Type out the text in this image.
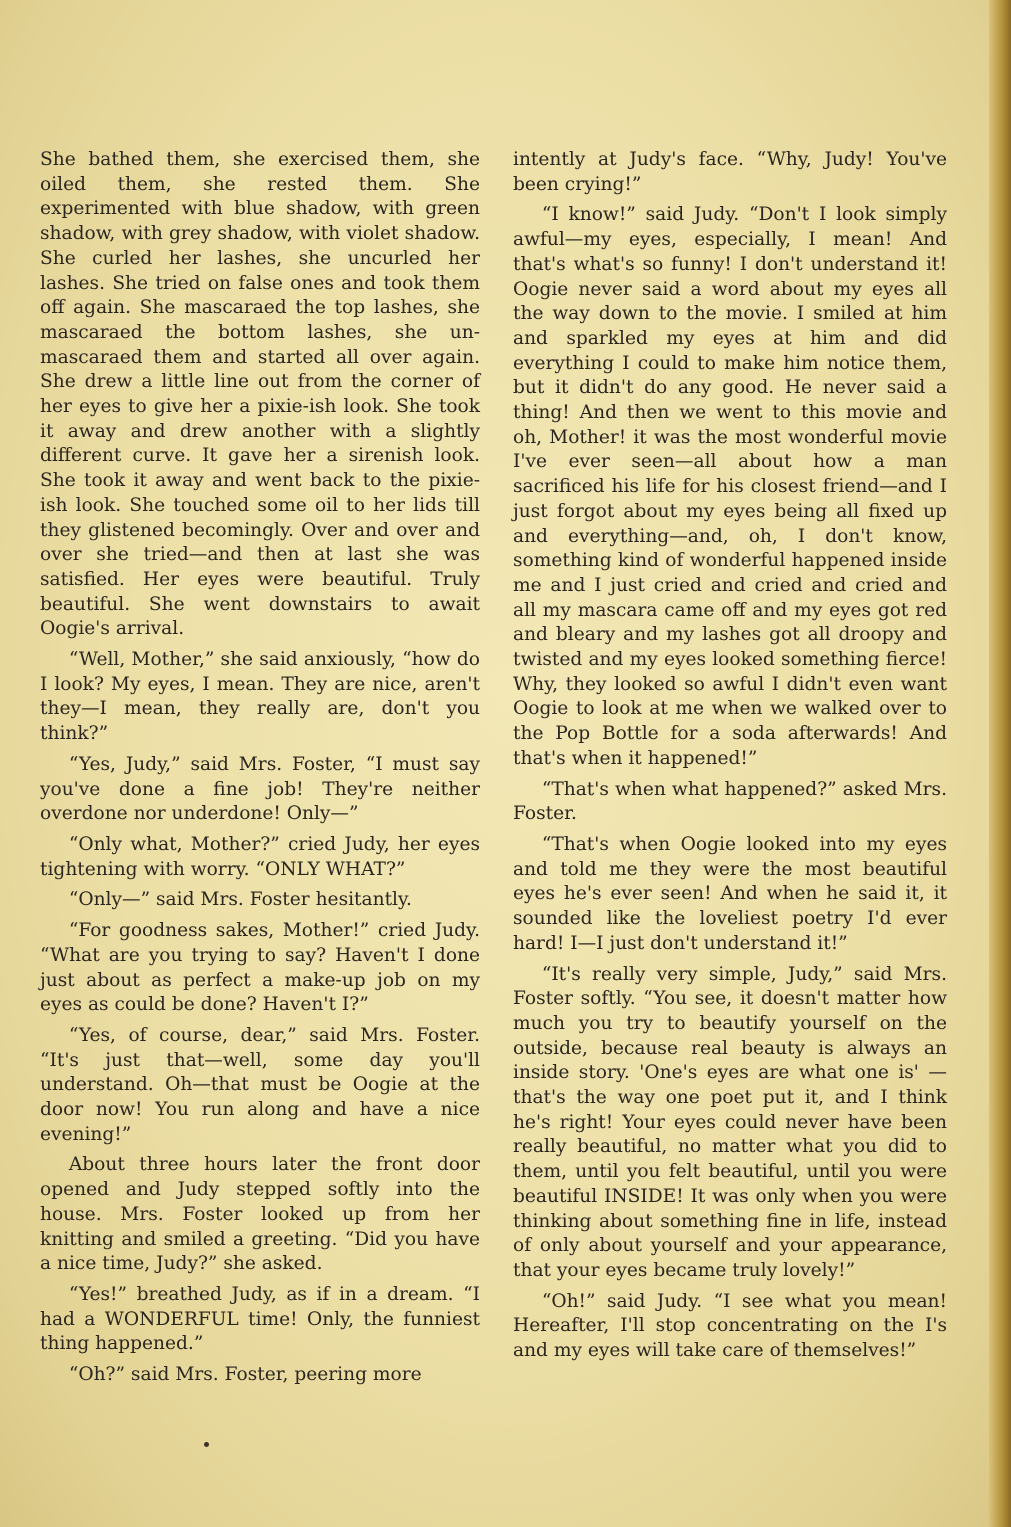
She bathed them, she exercised them, she oiled them, she rested them. She experimented with blue shadow, with green shadow, with grey shadow, with violet shadow. She curled her lashes, she uncurled her lashes. She tried on false ones and took them off again. She mascaraed the top lashes, she mascaraed the bottom lashes, she un-mascaraed them and started all over again. She drew a little line out from the corner of her eyes to give her a pixie-ish look. She took it away and drew another with a slightly different curve. It gave her a sirenish look. She took it away and went back to the pixie-ish look. She touched some oil to her lids till they glistened becomingly. Over and over and over she tried—and then at last she was satisfied. Her eyes were beautiful. Truly beautiful. She went downstairs to await Oogie's arrival.

“Well, Mother,” she said anxiously, “how do I look? My eyes, I mean. They are nice, aren't they—I mean, they really are, don't you think?”

“Yes, Judy,” said Mrs. Foster, “I must say you've done a fine job! They're neither overdone nor underdone! Only—”

“Only what, Mother?” cried Judy, her eyes tightening with worry. “ONLY WHAT?”

“Only—” said Mrs. Foster hesitantly.

“For goodness sakes, Mother!” cried Judy. “What are you trying to say? Haven't I done just about as perfect a make-up job on my eyes as could be done? Haven't I?”

“Yes, of course, dear,” said Mrs. Foster. “It's just that—well, some day you'll understand. Oh—that must be Oogie at the door now! You run along and have a nice evening!”

About three hours later the front door opened and Judy stepped softly into the house. Mrs. Foster looked up from her knitting and smiled a greeting. “Did you have a nice time, Judy?” she asked.

“Yes!” breathed Judy, as if in a dream. “I had a WONDERFUL time! Only, the funniest thing happened.”

“Oh?” said Mrs. Foster, peering more

intently at Judy's face. “Why, Judy! You've been crying!”

“I know!” said Judy. “Don't I look simply awful—my eyes, especially, I mean! And that's what's so funny! I don't understand it! Oogie never said a word about my eyes all the way down to the movie. I smiled at him and sparkled my eyes at him and did everything I could to make him notice them, but it didn't do any good. He never said a thing! And then we went to this movie and oh, Mother! it was the most wonderful movie I've ever seen—all about how a man sacrificed his life for his closest friend—and I just forgot about my eyes being all fixed up and everything—and, oh, I don't know, something kind of wonderful happened inside me and I just cried and cried and cried and all my mascara came off and my eyes got red and bleary and my lashes got all droopy and twisted and my eyes looked something fierce! Why, they looked so awful I didn't even want Oogie to look at me when we walked over to the Pop Bottle for a soda afterwards! And that's when it happened!”

“That's when what happened?” asked Mrs. Foster.

“That's when Oogie looked into my eyes and told me they were the most beautiful eyes he's ever seen! And when he said it, it sounded like the loveliest poetry I'd ever hard! I—I just don't understand it!”

“It's really very simple, Judy,” said Mrs. Foster softly. “You see, it doesn't matter how much you try to beautify yourself on the outside, because real beauty is always an inside story. 'One's eyes are what one is' —that's the way one poet put it, and I think he's right! Your eyes could never have been really beautiful, no matter what you did to them, until you felt beautiful, until you were beautiful INSIDE! It was only when you were thinking about something fine in life, instead of only about yourself and your appearance, that your eyes became truly lovely!”

“Oh!” said Judy. “I see what you mean! Hereafter, I'll stop concentrating on the I's and my eyes will take care of themselves!”
